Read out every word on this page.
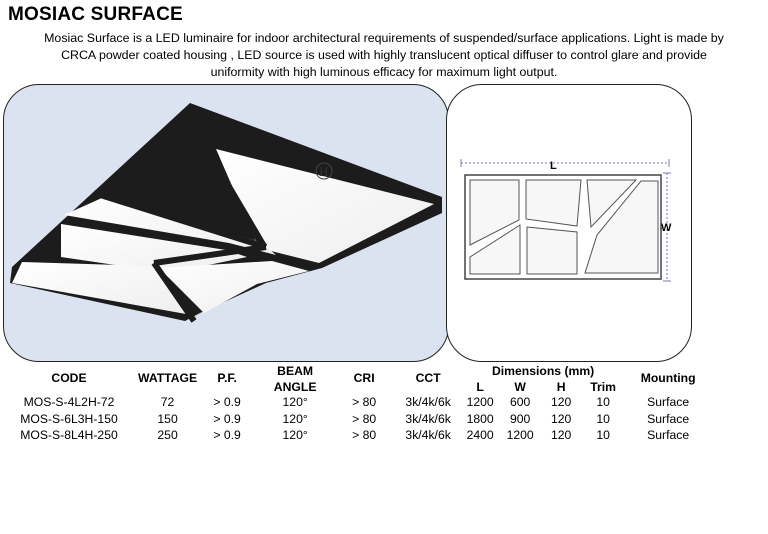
MOSIAC SURFACE
Mosiac Surface is a LED luminaire for indoor architectural requirements of suspended/surface applications. Light is made by
CRCA powder coated housing , LED source is used with highly translucent optical diffuser to control glare and provide
uniformity with high luminous efficacy for maximum light output.
H	L
W
CODE	WATTAGE	P.F.	BEAM	CRI	CCT	Dimensions (mm)				Mounting
			ANGLE			L	W	H	Trim	
MOS-S-4L2H-72	72	> 0.9	120°	> 80	3k/4k/6k	1200	600	120	10	Surface
MOS-S-6L3H-150	150	> 0.9	120°	> 80	3k/4k/6k	1800	900	120	10	Surface
MOS-S-8L4H-250	250	> 0.9	120°	> 80	3k/4k/6k	2400	1200	120	10	Surface
